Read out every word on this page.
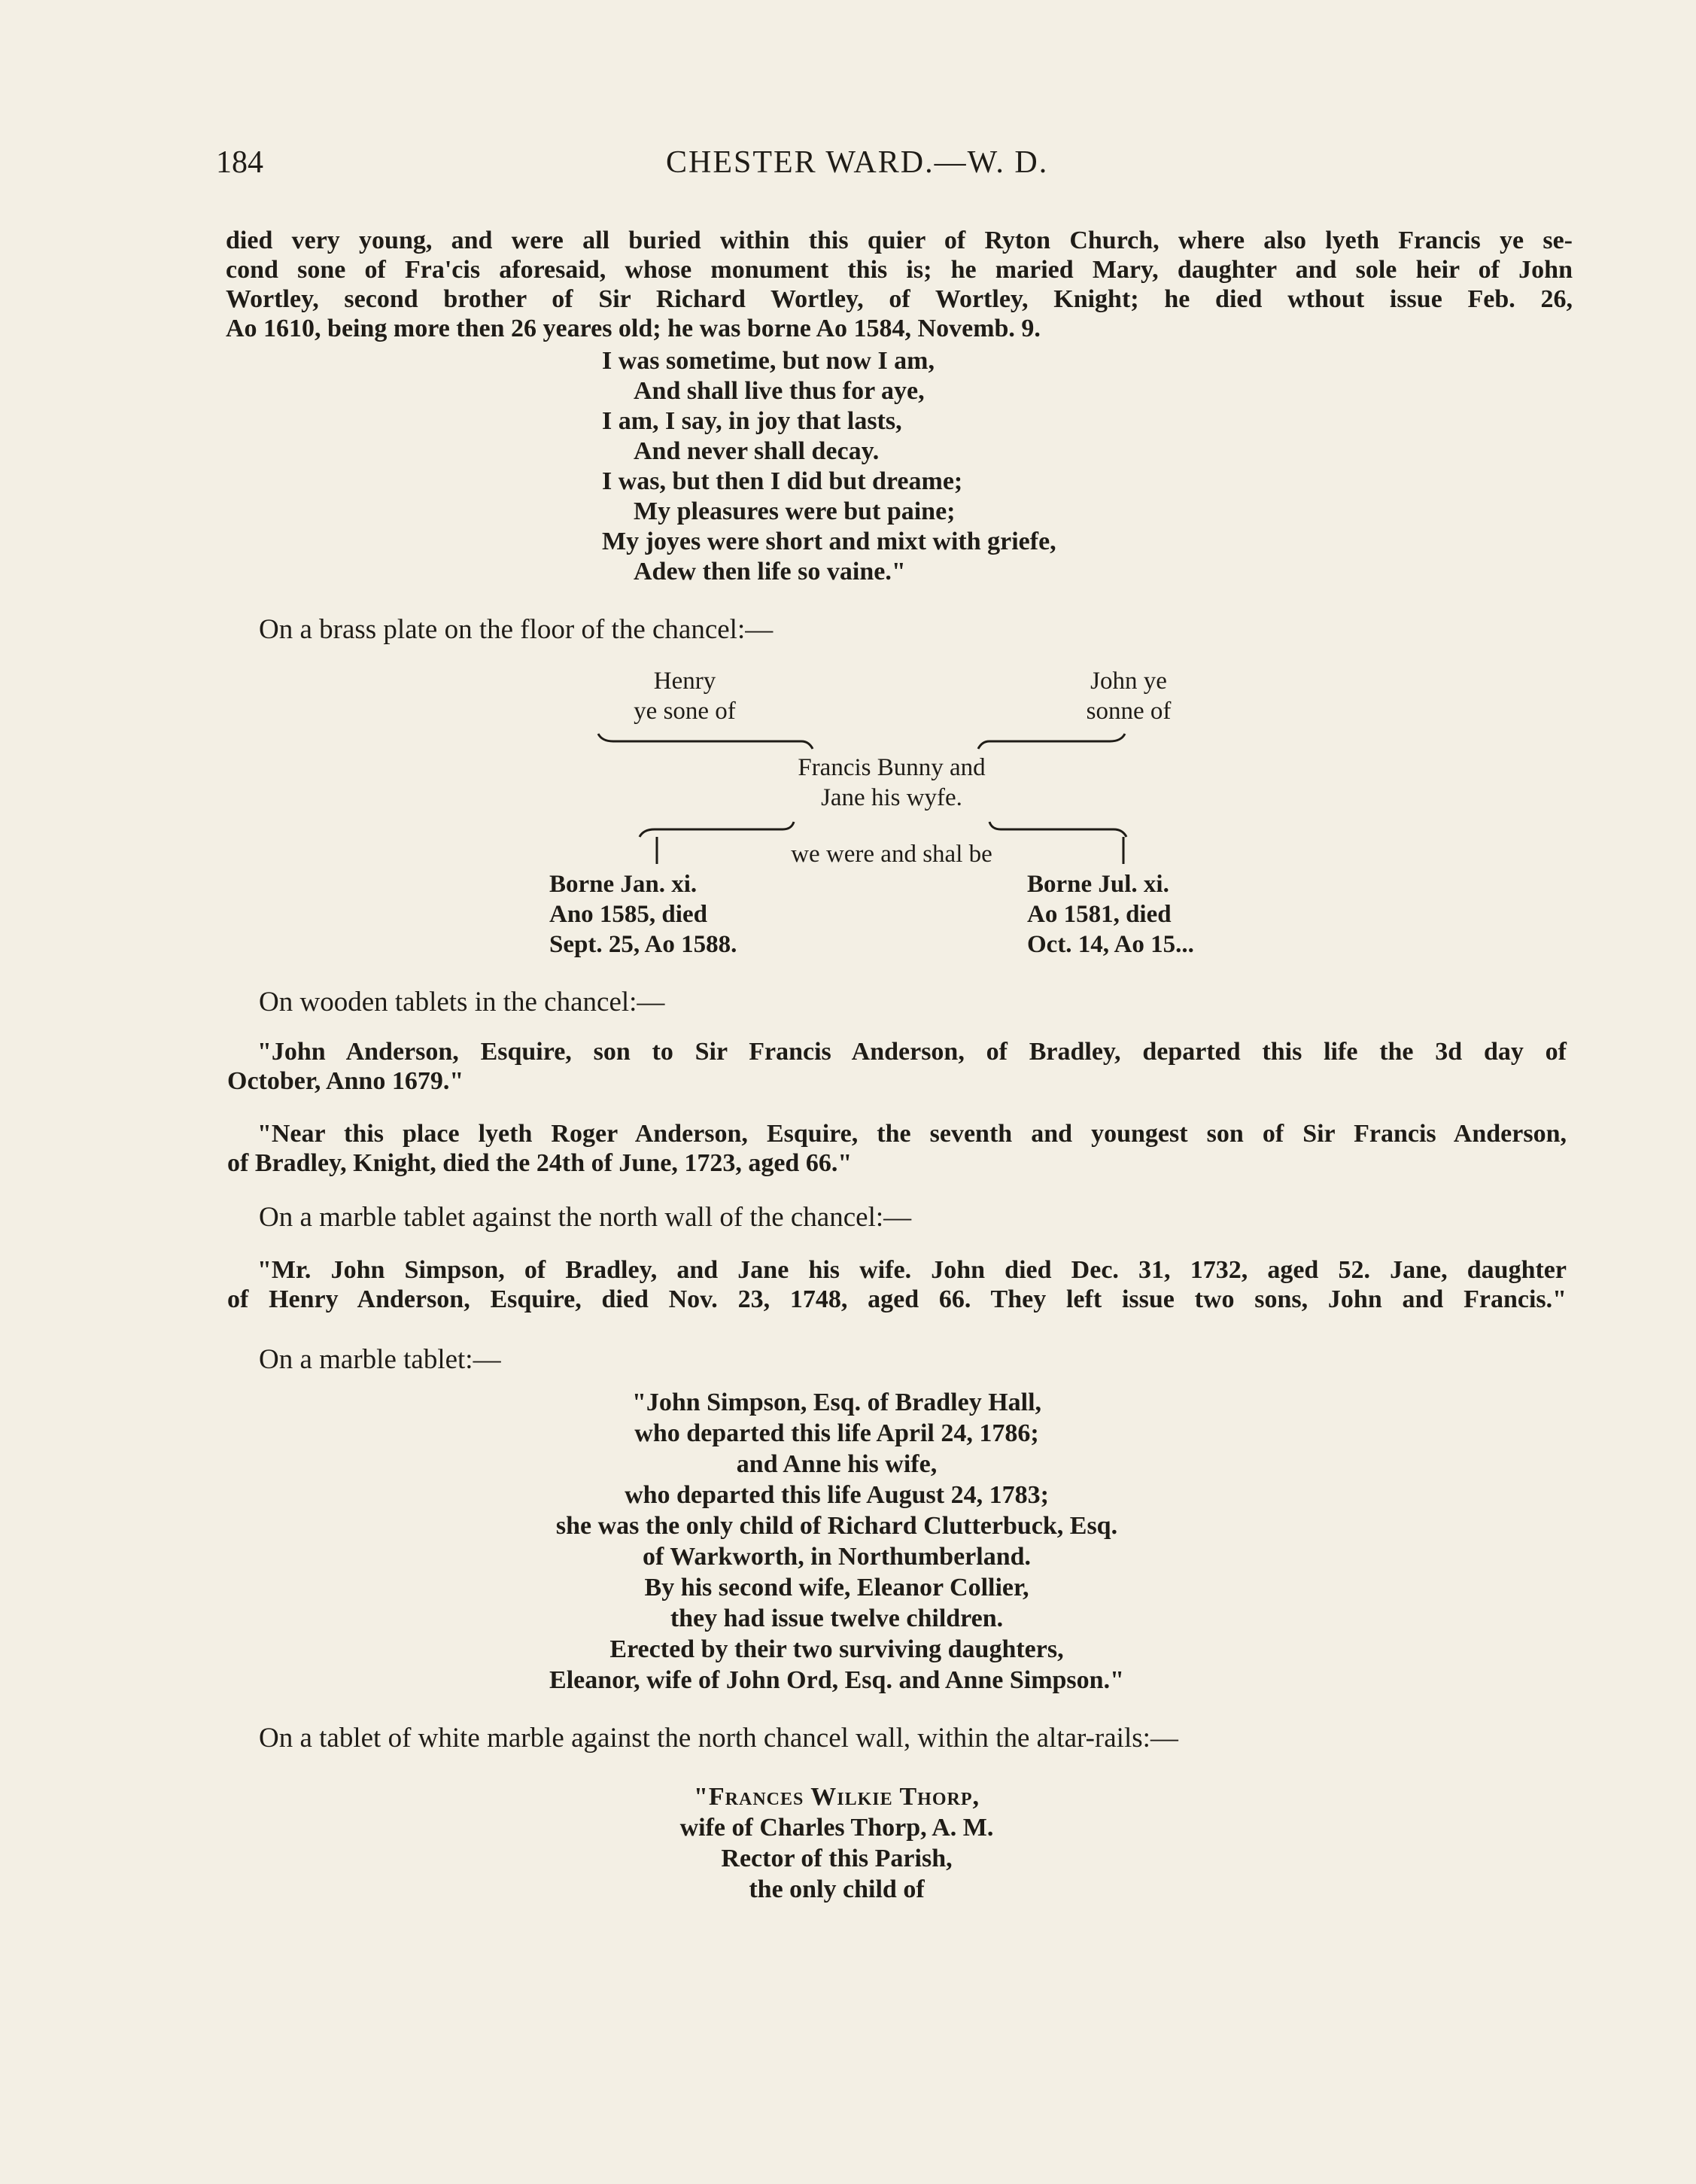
184	CHESTER WARD.—W. D.
died very young, and were all buried within this quier of Ryton Church, where also lyeth Francis ye se-
cond sone of Fra'cis aforesaid, whose monument this is; he maried Mary, daughter and sole heir of John
Wortley, second brother of Sir Richard Wortley, of Wortley, Knight; he died wthout issue Feb. 26,
Ao 1610, being more then 26 yeares old; he was borne Ao 1584, Novemb. 9.
I was sometime, but now I am,
And shall live thus for aye,
I am, I say, in joy that lasts,
And never shall decay.
I was, but then I did but dreame;
My pleasures were but paine;
My joyes were short and mixt with griefe,
Adew then life so vaine."
On a brass plate on the floor of the chancel:—
Henry
ye sone of
John ye
sonne of
Francis Bunny and
Jane his wyfe.
we were and shal be
Borne Jan. xi.
Ano 1585, died
Sept. 25, Ao 1588.
Borne Jul. xi.
Ao 1581, died
Oct. 14, Ao 15...
On wooden tablets in the chancel:—
"John Anderson, Esquire, son to Sir Francis Anderson, of Bradley, departed this life the 3d day of
October, Anno 1679."
"Near this place lyeth Roger Anderson, Esquire, the seventh and youngest son of Sir Francis Anderson,
of Bradley, Knight, died the 24th of June, 1723, aged 66."
On a marble tablet against the north wall of the chancel:—
"Mr. John Simpson, of Bradley, and Jane his wife. John died Dec. 31, 1732, aged 52. Jane, daughter
of Henry Anderson, Esquire, died Nov. 23, 1748, aged 66. They left issue two sons, John and Francis."
On a marble tablet:—
"John Simpson, Esq. of Bradley Hall,
who departed this life April 24, 1786;
and Anne his wife,
who departed this life August 24, 1783;
she was the only child of Richard Clutterbuck, Esq.
of Warkworth, in Northumberland.
By his second wife, Eleanor Collier,
they had issue twelve children.
Erected by their two surviving daughters,
Eleanor, wife of John Ord, Esq. and Anne Simpson."
On a tablet of white marble against the north chancel wall, within the altar-rails:—
"Frances Wilkie Thorp,
wife of Charles Thorp, A. M.
Rector of this Parish,
the only child of
